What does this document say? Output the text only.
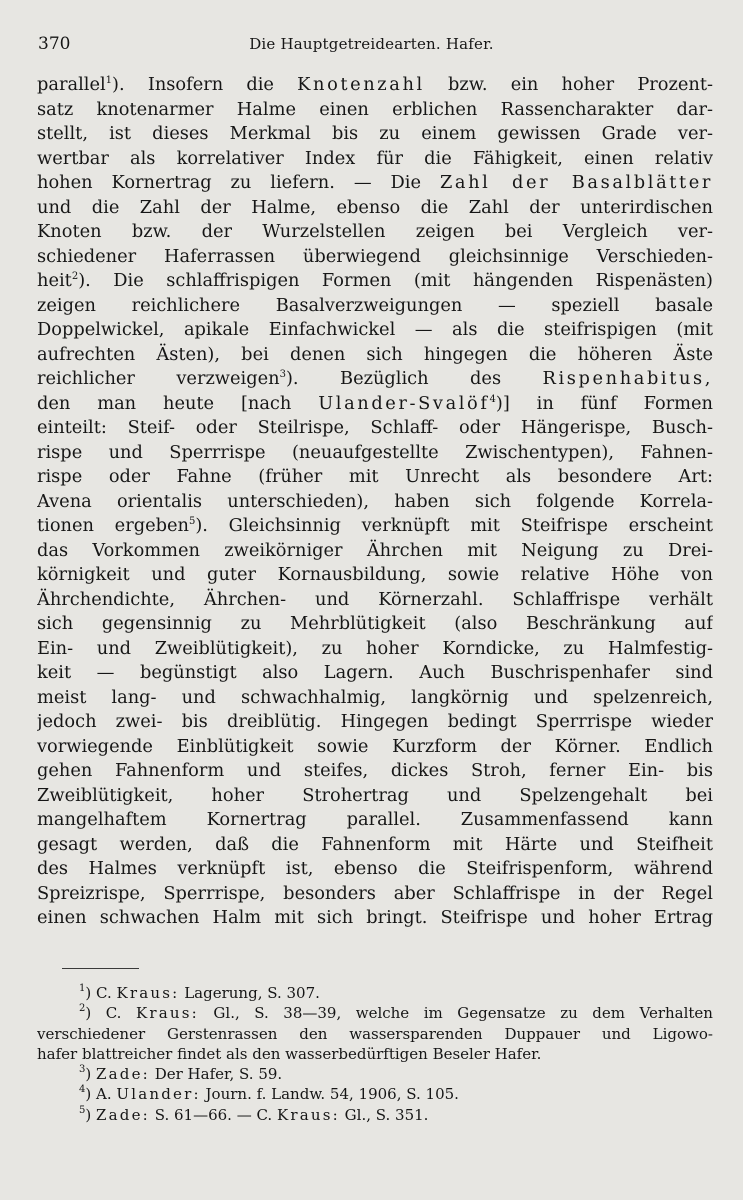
370	Die Hauptgetreidearten. Hafer.
parallel$^1$). Insofern die Knotenzahl bzw. ein hoher Prozent-
satz knotenarmer Halme einen erblichen Rassencharakter dar-
stellt, ist dieses Merkmal bis zu einem gewissen Grade ver-
wertbar als korrelativer Index für die Fähigkeit, einen relativ
hohen Kornertrag zu liefern. — Die Zahl der Basalblätter
und die Zahl der Halme, ebenso die Zahl der unterirdischen
Knoten bzw. der Wurzelstellen zeigen bei Vergleich ver-
schiedener Haferrassen überwiegend gleichsinnige Verschieden-
heit$^2$). Die schlaffrispigen Formen (mit hängenden Rispenästen)
zeigen reichlichere Basalverzweigungen — speziell basale
Doppelwickel, apikale Einfachwickel — als die steifrispigen (mit
aufrechten Ästen), bei denen sich hingegen die höheren Äste
reichlicher verzweigen$^3$). Bezüglich des Rispenhabitus,
den man heute [nach Ulander-Svalöf$^4$)] in fünf Formen
einteilt: Steif- oder Steilrispe, Schlaff- oder Hängerispe, Busch-
rispe und Sperrrispe (neuaufgestellte Zwischentypen), Fahnen-
rispe oder Fahne (früher mit Unrecht als besondere Art:
Avena orientalis unterschieden), haben sich folgende Korrela-
tionen ergeben$^5$). Gleichsinnig verknüpft mit Steifrispe erscheint
das Vorkommen zweikörniger Ährchen mit Neigung zu Drei-
körnigkeit und guter Kornausbildung, sowie relative Höhe von
Ährchendichte, Ährchen- und Körnerzahl. Schlaffrispe verhält
sich gegensinnig zu Mehrblütigkeit (also Beschränkung auf
Ein- und Zweiblütigkeit), zu hoher Korndicke, zu Halmfestig-
keit — begünstigt also Lagern. Auch Buschrispenhafer sind
meist lang- und schwachhalmig, langkörnig und spelzenreich,
jedoch zwei- bis dreiblütig. Hingegen bedingt Sperrrispe wieder
vorwiegende Einblütigkeit sowie Kurzform der Körner. Endlich
gehen Fahnenform und steifes, dickes Stroh, ferner Ein- bis
Zweiblütigkeit, hoher Strohertrag und Spelzengehalt bei
mangelhaftem Kornertrag parallel. Zusammenfassend kann
gesagt werden, daß die Fahnenform mit Härte und Steifheit
des Halmes verknüpft ist, ebenso die Steifrispenform, während
Spreizrispe, Sperrrispe, besonders aber Schlaffrispe in der Regel
einen schwachen Halm mit sich bringt. Steifrispe und hoher Ertrag
$^1$) C. Kraus: Lagerung, S. 307.
$^2$) C. Kraus: Gl., S. 38—39, welche im Gegensatze zu dem Verhalten
verschiedener Gerstenrassen den wassersparenden Duppauer und Ligowo-
hafer blattreicher findet als den wasserbedürftigen Beseler Hafer.
$^3$) Zade: Der Hafer, S. 59.
$^4$) A. Ulander: Journ. f. Landw. 54, 1906, S. 105.
$^5$) Zade: S. 61—66. — C. Kraus: Gl., S. 351.
